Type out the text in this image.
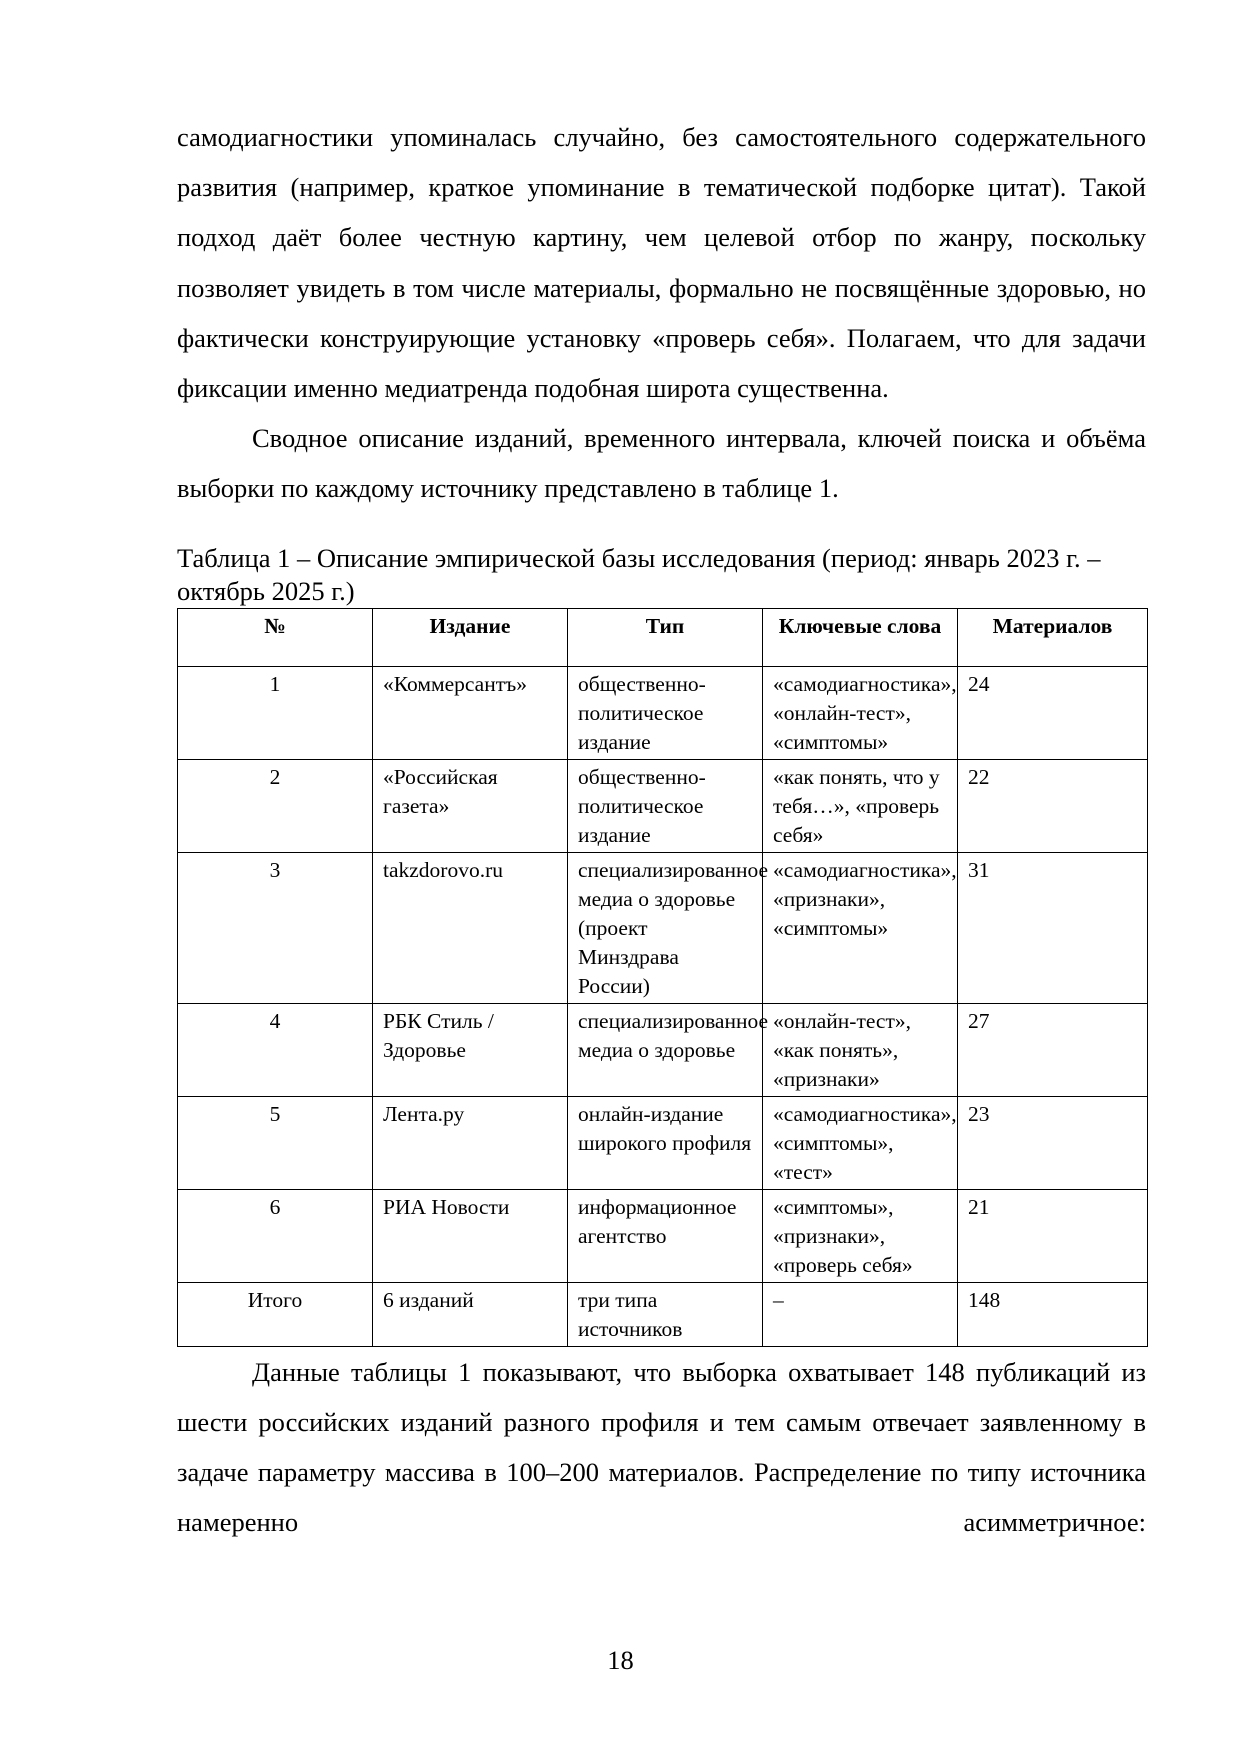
самодиагностики упоминалась случайно, без самостоятельного содержательного развития (например, краткое упоминание в тематической подборке цитат). Такой подход даёт более честную картину, чем целевой отбор по жанру, поскольку позволяет увидеть в том числе материалы, формально не посвящённые здоровью, но фактически конструирующие установку «проверь себя». Полагаем, что для задачи фиксации именно медиатренда подобная широта существенна.

Сводное описание изданий, временного интервала, ключей поиска и объёма выборки по каждому источнику представлено в таблице 1.

Таблица 1 – Описание эмпирической базы исследования (период: январь 2023 г. – октябрь 2025 г.)

№	Издание	Тип	Ключевые слова	Материалов
1	«Коммерсантъ»	общественно-политическое издание	«самодиагностика», «онлайн-тест», «симптомы»	24
2	«Российская газета»	общественно-политическое издание	«как понять, что у тебя…», «проверь себя»	22
3	takzdorovo.ru	специализированное медиа о здоровье (проект Минздрава России)	«самодиагностика», «признаки», «симптомы»	31
4	РБК Стиль / Здоровье	специализированное медиа о здоровье	«онлайн-тест», «как понять», «признаки»	27
5	Лента.ру	онлайн-издание широкого профиля	«самодиагностика», «симптомы», «тест»	23
6	РИА Новости	информационное агентство	«симптомы», «признаки», «проверь себя»	21
Итого	6 изданий	три типа источников	–	148

Данные таблицы 1 показывают, что выборка охватывает 148 публикаций из шести российских изданий разного профиля и тем самым отвечает заявленному в задаче параметру массива в 100–200 материалов. Распределение по типу источника намеренно асимметричное:

18
